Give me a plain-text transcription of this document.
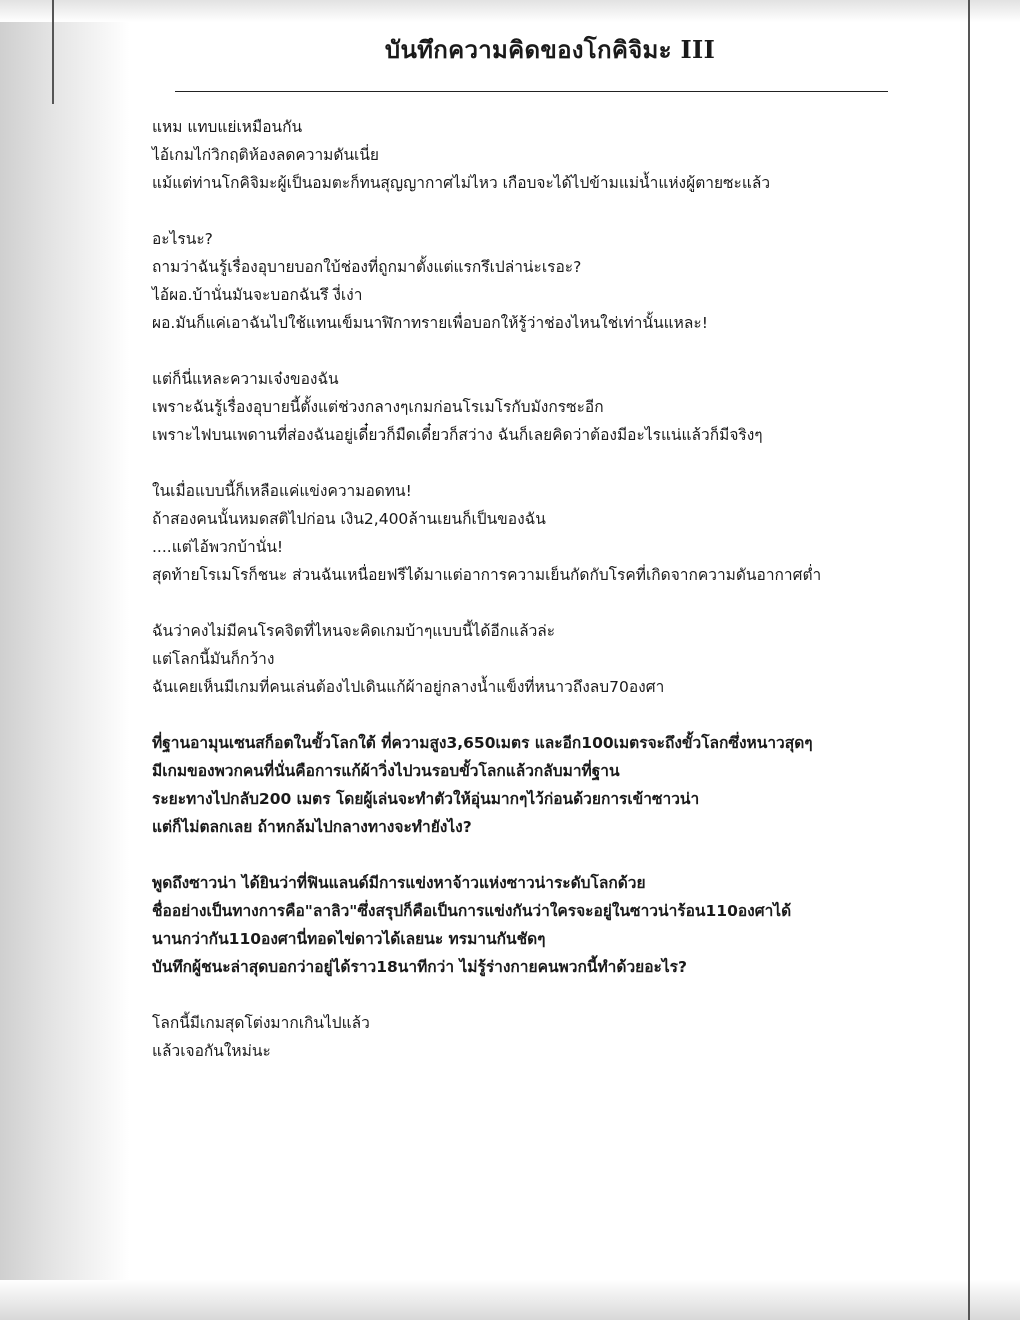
บันทึกความคิดของโกคิจิมะ III
แหม แทบแย่เหมือนกัน
ไอ้เกมไก่วิกฤติห้องลดความดันเนี่ย
แม้แต่ท่านโกคิจิมะผู้เป็นอมตะก็ทนสุญญากาศไม่ไหว เกือบจะได้ไปข้ามแม่น้ำแห่งผู้ตายซะแล้ว
อะไรนะ?
ถามว่าฉันรู้เรื่องอุบายบอกใบ้ช่องที่ถูกมาตั้งแต่แรกรึเปล่าน่ะเรอะ?
ไอ้ผอ.บ้านั่นมันจะบอกฉันรึ งี่เง่า
ผอ.มันก็แค่เอาฉันไปใช้แทนเข็มนาฬิกาทรายเพื่อบอกให้รู้ว่าช่องไหนใช่เท่านั้นแหละ!
แต่ก็นี่แหละความเจ๋งของฉัน
เพราะฉันรู้เรื่องอุบายนี้ตั้งแต่ช่วงกลางๆเกมก่อนโรเมโรกับมังกรซะอีก
เพราะไฟบนเพดานที่ส่องฉันอยู่เดี๋ยวก็มืดเดี๋ยวก็สว่าง ฉันก็เลยคิดว่าต้องมีอะไรแน่แล้วก็มีจริงๆ
ในเมื่อแบบนี้ก็เหลือแค่แข่งความอดทน!
ถ้าสองคนนั้นหมดสติไปก่อน เงิน2,400ล้านเยนก็เป็นของฉัน
....แต่ไอ้พวกบ้านั่น!
สุดท้ายโรเมโรก็ชนะ ส่วนฉันเหนื่อยฟรีได้มาแต่อาการความเย็นกัดกับโรคที่เกิดจากความดันอากาศต่ำ
ฉันว่าคงไม่มีคนโรคจิตที่ไหนจะคิดเกมบ้าๆแบบนี้ได้อีกแล้วล่ะ
แต่โลกนี้มันก็กว้าง
ฉันเคยเห็นมีเกมที่คนเล่นต้องไปเดินแก้ผ้าอยู่กลางน้ำแข็งที่หนาวถึงลบ70องศา
ที่ฐานอามุนเซนสก็อตในขั้วโลกใต้ ที่ความสูง3,650เมตร และอีก100เมตรจะถึงขั้วโลกซึ่งหนาวสุดๆ
มีเกมของพวกคนที่นั่นคือการแก้ผ้าวิ่งไปวนรอบขั้วโลกแล้วกลับมาที่ฐาน
ระยะทางไปกลับ200 เมตร โดยผู้เล่นจะทำตัวให้อุ่นมากๆไว้ก่อนด้วยการเข้าซาวน่า
แต่ก็ไม่ตลกเลย ถ้าหกล้มไปกลางทางจะทำยังไง?
พูดถึงซาวน่า ได้ยินว่าที่ฟินแลนด์มีการแข่งหาจ้าวแห่งซาวน่าระดับโลกด้วย
ชื่ออย่างเป็นทางการคือ"ลาลิว"ซึ่งสรุปก็คือเป็นการแข่งกันว่าใครจะอยู่ในซาวน่าร้อน110องศาได้
นานกว่ากัน110องศานี่ทอดไข่ดาวได้เลยนะ ทรมานกันชัดๆ
บันทึกผู้ชนะล่าสุดบอกว่าอยู่ได้ราว18นาทีกว่า ไม่รู้ร่างกายคนพวกนี้ทำด้วยอะไร?
โลกนี้มีเกมสุดโต่งมากเกินไปแล้ว
แล้วเจอกันใหม่นะ
